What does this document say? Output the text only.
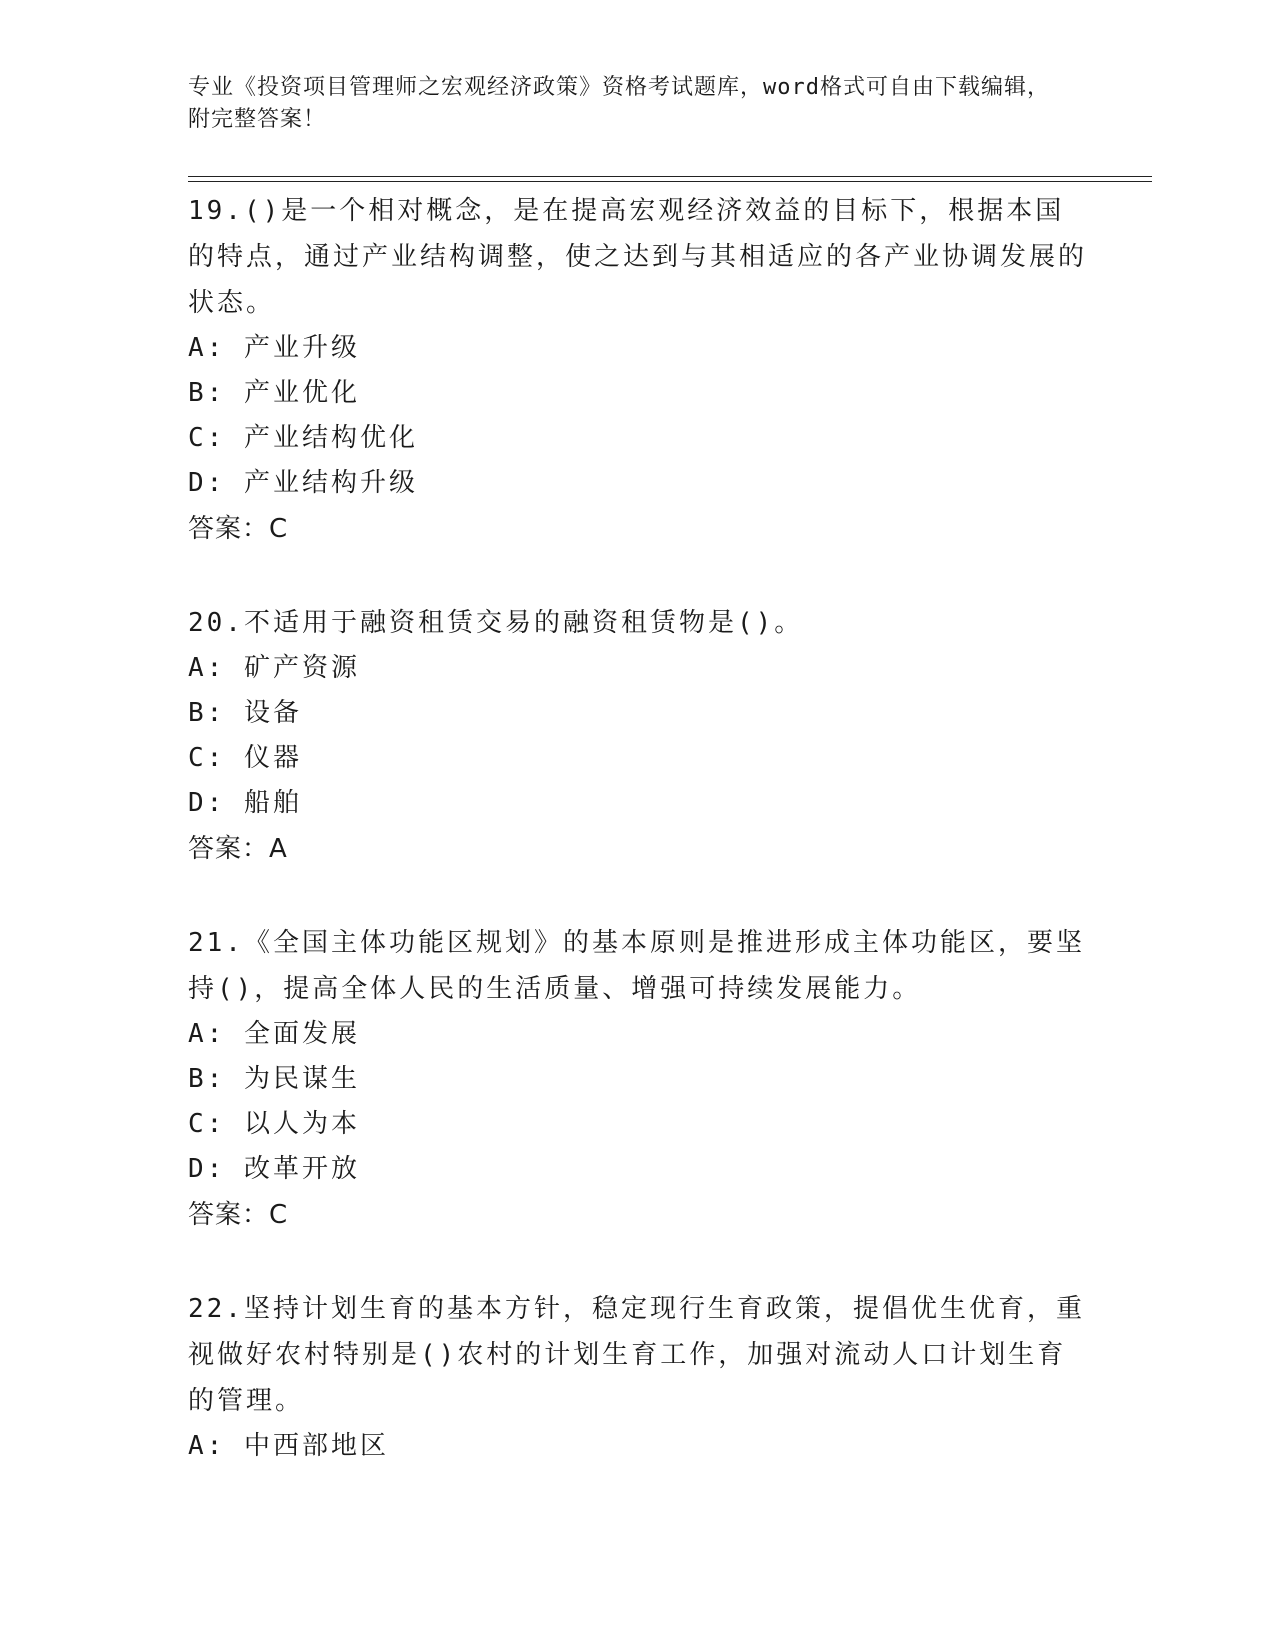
专业《投资项目管理师之宏观经济政策》资格考试题库，word格式可自由下载编辑，附完整答案！
19.()是一个相对概念，是在提高宏观经济效益的目标下，根据本国的特点，通过产业结构调整，使之达到与其相适应的各产业协调发展的状态。
A: 产业升级
B: 产业优化
C: 产业结构优化
D: 产业结构升级
答案：C
20.不适用于融资租赁交易的融资租赁物是()。
A: 矿产资源
B: 设备
C: 仪器
D: 船舶
答案：A
21.《全国主体功能区规划》的基本原则是推进形成主体功能区，要坚持()，提高全体人民的生活质量、增强可持续发展能力。
A: 全面发展
B: 为民谋生
C: 以人为本
D: 改革开放
答案：C
22.坚持计划生育的基本方针，稳定现行生育政策，提倡优生优育，重视做好农村特别是()农村的计划生育工作，加强对流动人口计划生育的管理。
A: 中西部地区
